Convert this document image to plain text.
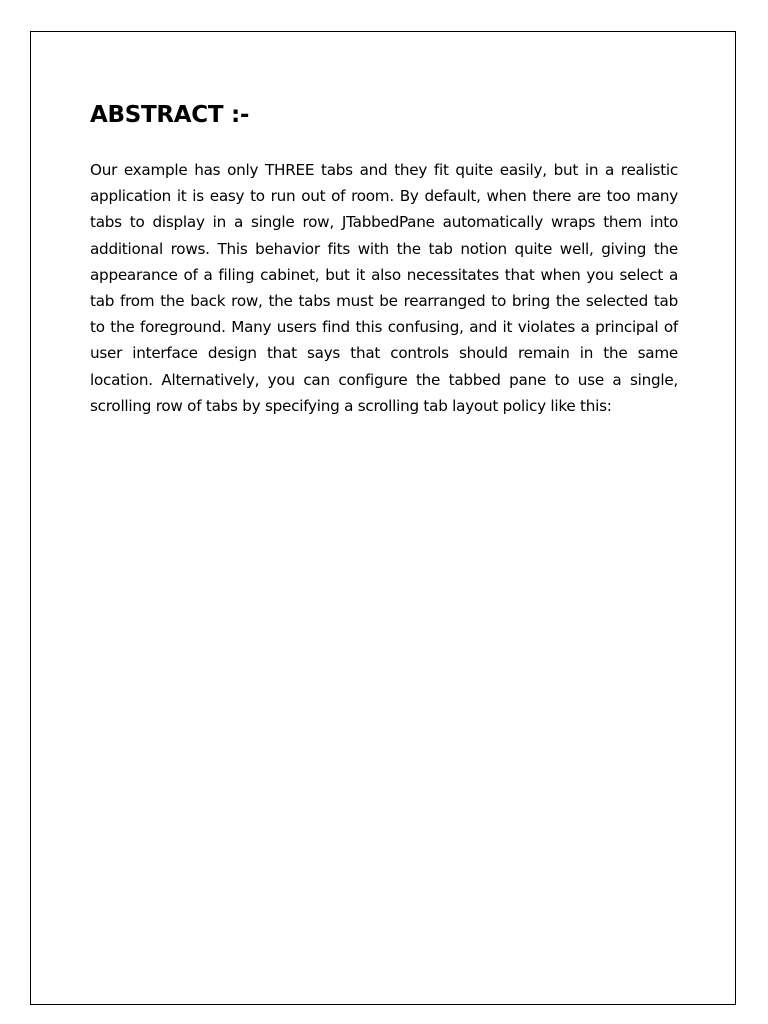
ABSTRACT :-

Our example has only THREE tabs and they fit quite easily, but in a realistic application it is easy to run out of room. By default, when there are too many tabs to display in a single row, JTabbedPane automatically wraps them into additional rows. This behavior fits with the tab notion quite well, giving the appearance of a filing cabinet, but it also necessitates that when you select a tab from the back row, the tabs must be rearranged to bring the selected tab to the foreground. Many users find this confusing, and it violates a principal of user interface design that says that controls should remain in the same location. Alternatively, you can configure the tabbed pane to use a single, scrolling row of tabs by specifying a scrolling tab layout policy like this:
